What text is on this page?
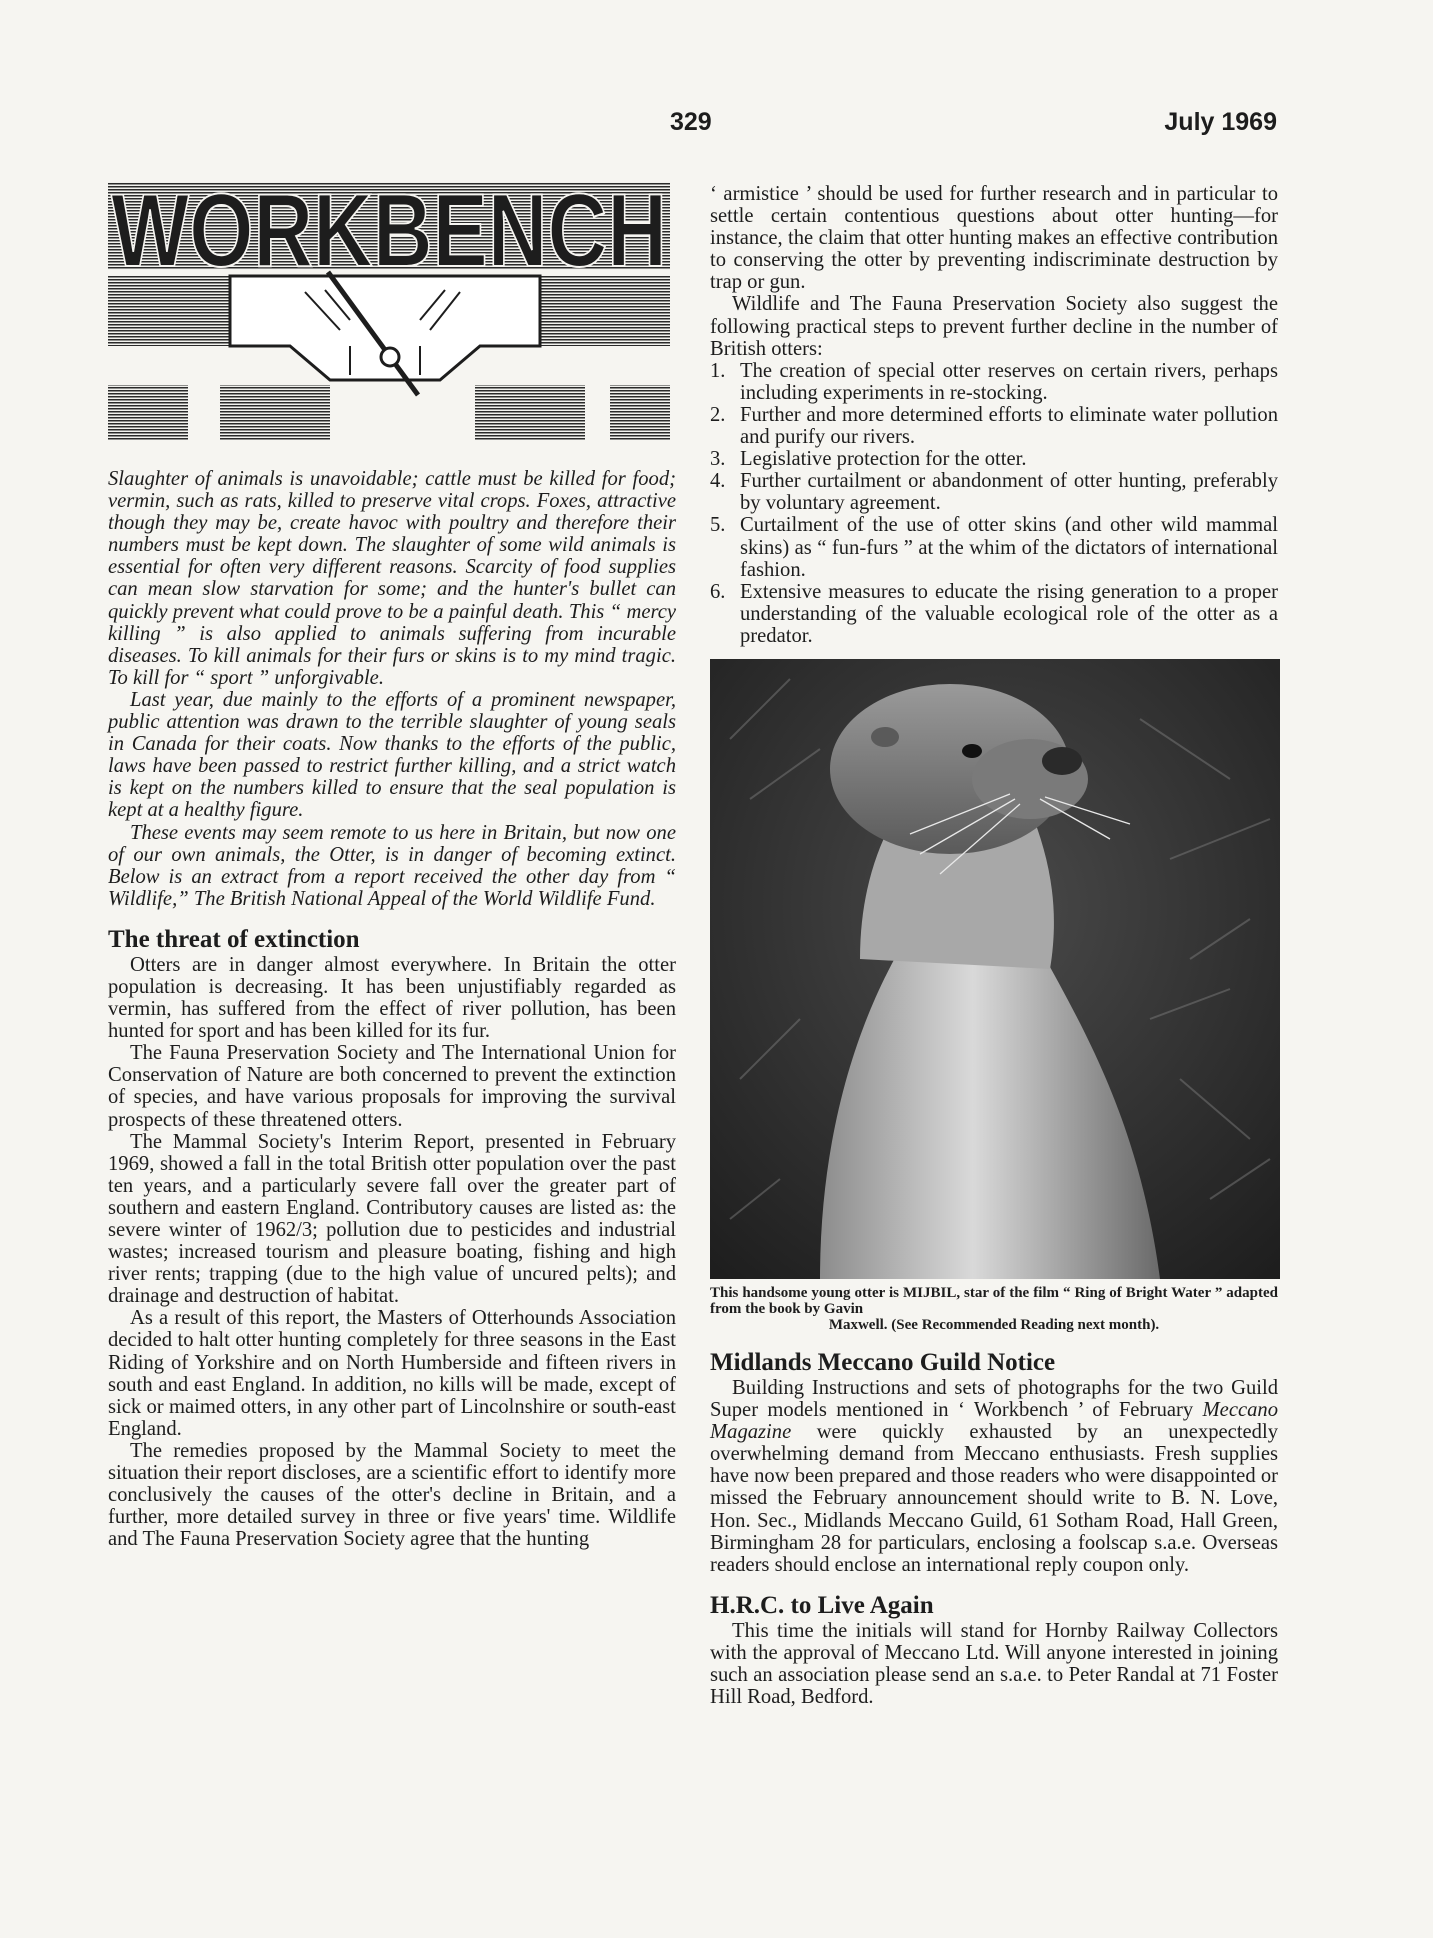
329	July 1969
WORKBENCH

Slaughter of animals is unavoidable; cattle must be killed for food; vermin, such as rats, killed to preserve vital crops. Foxes, attractive though they may be, create havoc with poultry and therefore their numbers must be kept down. The slaughter of some wild animals is essential for often very different reasons. Scarcity of food supplies can mean slow starvation for some; and the hunter's bullet can quickly prevent what could prove to be a painful death. This “ mercy killing ” is also applied to animals suffering from incurable diseases. To kill animals for their furs or skins is to my mind tragic. To kill for “ sport ” unforgivable.

Last year, due mainly to the efforts of a prominent newspaper, public attention was drawn to the terrible slaughter of young seals in Canada for their coats. Now thanks to the efforts of the public, laws have been passed to restrict further killing, and a strict watch is kept on the numbers killed to ensure that the seal population is kept at a healthy figure.

These events may seem remote to us here in Britain, but now one of our own animals, the Otter, is in danger of becoming extinct. Below is an extract from a report received the other day from “ Wildlife,” The British National Appeal of the World Wildlife Fund.

The threat of extinction

Otters are in danger almost everywhere. In Britain the otter population is decreasing. It has been unjustifiably regarded as vermin, has suffered from the effect of river pollution, has been hunted for sport and has been killed for its fur.

The Fauna Preservation Society and The International Union for Conservation of Nature are both concerned to prevent the extinction of species, and have various proposals for improving the survival prospects of these threatened otters.

The Mammal Society's Interim Report, presented in February 1969, showed a fall in the total British otter population over the past ten years, and a particularly severe fall over the greater part of southern and eastern England. Contributory causes are listed as: the severe winter of 1962/3; pollution due to pesticides and industrial wastes; increased tourism and pleasure boating, fishing and high river rents; trapping (due to the high value of uncured pelts); and drainage and destruction of habitat.

As a result of this report, the Masters of Otterhounds Association decided to halt otter hunting completely for three seasons in the East Riding of Yorkshire and on North Humberside and fifteen rivers in south and east England. In addition, no kills will be made, except of sick or maimed otters, in any other part of Lincolnshire or south-east England.

The remedies proposed by the Mammal Society to meet the situation their report discloses, are a scientific effort to identify more conclusively the causes of the otter's decline in Britain, and a further, more detailed survey in three or five years' time. Wildlife and The Fauna Preservation Society agree that the hunting

‘ armistice ’ should be used for further research and in particular to settle certain contentious questions about otter hunting—for instance, the claim that otter hunting makes an effective contribution to conserving the otter by preventing indiscriminate destruction by trap or gun.

Wildlife and The Fauna Preservation Society also suggest the following practical steps to prevent further decline in the number of British otters:

1. The creation of special otter reserves on certain rivers, perhaps including experiments in re-stocking.
2. Further and more determined efforts to eliminate water pollution and purify our rivers.
3. Legislative protection for the otter.
4. Further curtailment or abandonment of otter hunting, preferably by voluntary agreement.
5. Curtailment of the use of otter skins (and other wild mammal skins) as “ fun-furs ” at the whim of the dictators of international fashion.
6. Extensive measures to educate the rising generation to a proper understanding of the valuable ecological role of the otter as a predator.
This handsome young otter is MIJBIL, star of the film “ Ring of Bright Water ” adapted from the book by Gavin
Maxwell. (See Recommended Reading next month).
Midlands Meccano Guild Notice

Building Instructions and sets of photographs for the two Guild Super models mentioned in ‘ Workbench ’ of February Meccano Magazine were quickly exhausted by an unexpectedly overwhelming demand from Meccano enthusiasts. Fresh supplies have now been prepared and those readers who were disappointed or missed the February announcement should write to B. N. Love, Hon. Sec., Midlands Meccano Guild, 61 Sotham Road, Hall Green, Birmingham 28 for particulars, enclosing a foolscap s.a.e. Overseas readers should enclose an international reply coupon only.

H.R.C. to Live Again

This time the initials will stand for Hornby Railway Collectors with the approval of Meccano Ltd. Will anyone interested in joining such an association please send an s.a.e. to Peter Randal at 71 Foster Hill Road, Bedford.
